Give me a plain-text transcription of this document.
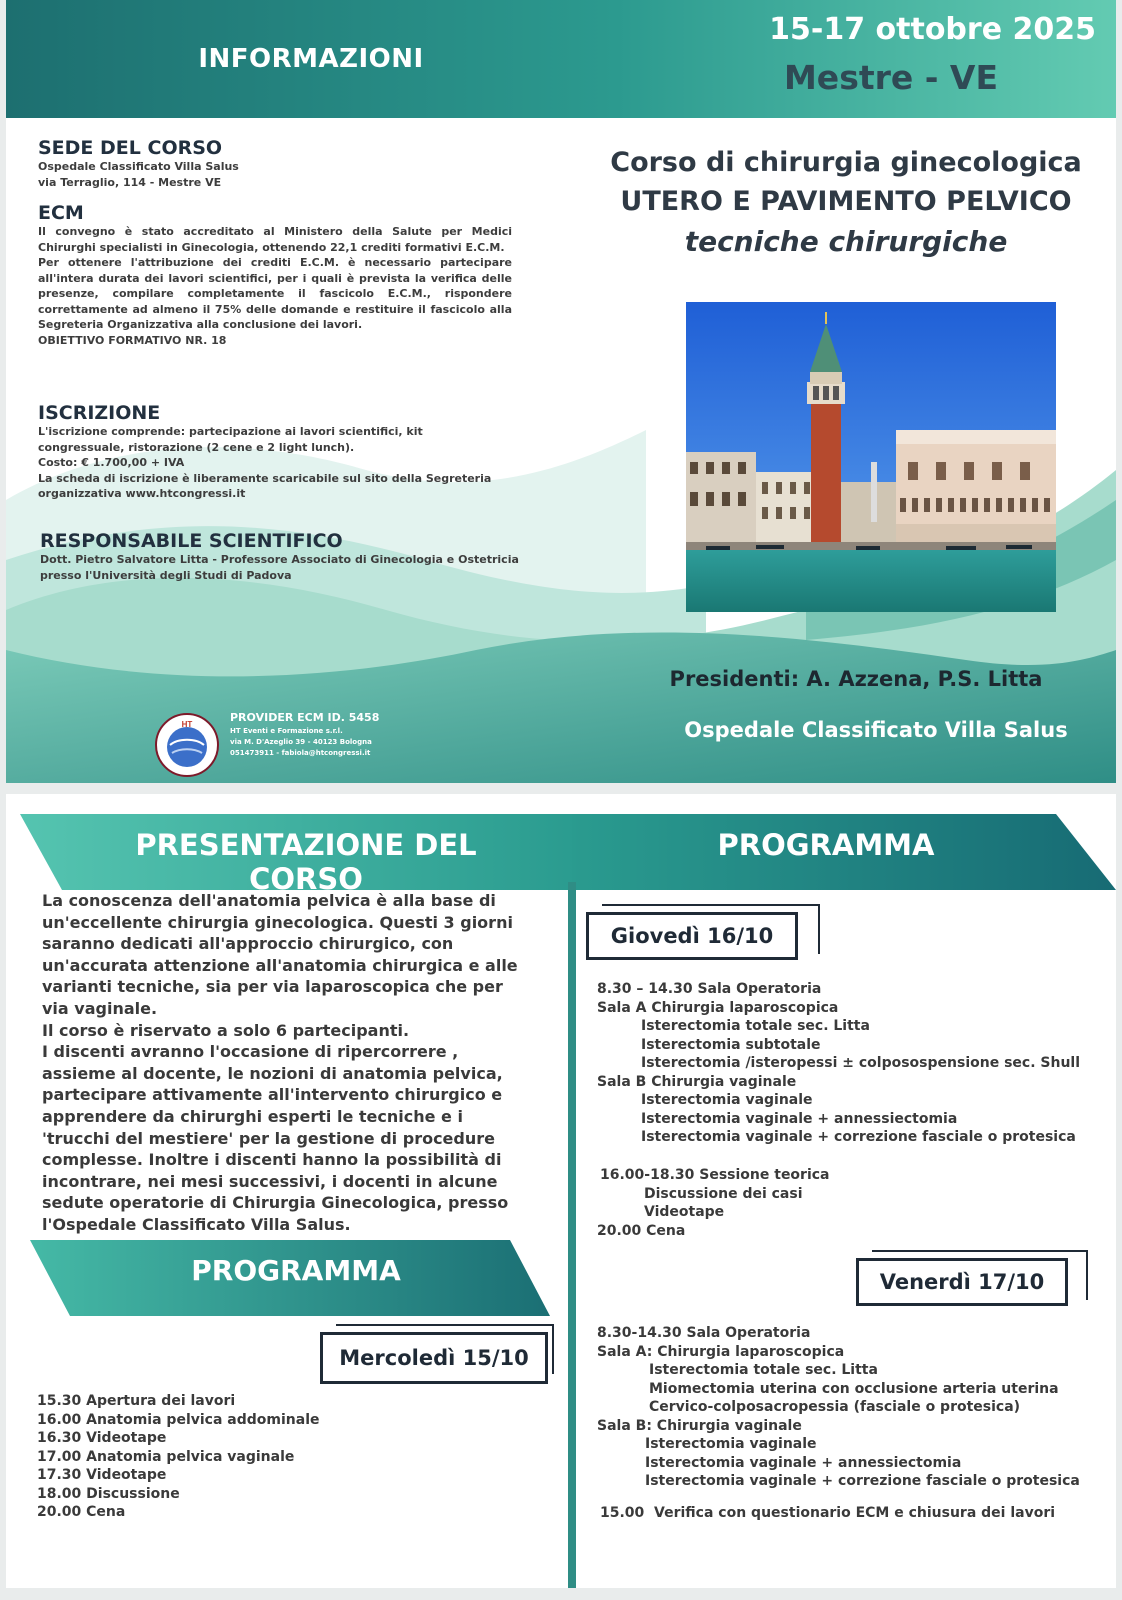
INFORMAZIONI
15-17 ottobre 2025
Mestre - VE
SEDE DEL CORSO
Ospedale Classificato Villa Salus
via Terraglio, 114 - Mestre VE
ECM
Il convegno è stato accreditato al Ministero della Salute per Medici Chirurghi specialisti in Ginecologia, ottenendo 22,1 crediti formativi E.C.M.
Per ottenere l'attribuzione dei crediti E.C.M. è necessario partecipare all'intera durata dei lavori scientifici, per i quali è prevista la verifica delle presenze, compilare completamente il fascicolo E.C.M., rispondere correttamente ad almeno il 75% delle domande e restituire il fascicolo alla Segreteria Organizzativa alla conclusione dei lavori.
OBIETTIVO FORMATIVO NR. 18
ISCRIZIONE
L'iscrizione comprende: partecipazione ai lavori scientifici, kit congressuale, ristorazione (2 cene e 2 light lunch).
Costo: € 1.700,00 + IVA
La scheda di iscrizione è liberamente scaricabile sul sito della Segreteria organizzativa www.htcongressi.it
RESPONSABILE SCIENTIFICO
Dott. Pietro Salvatore Litta - Professore Associato di Ginecologia e Ostetricia presso l'Università degli Studi di Padova
Corso di chirurgia ginecologica
UTERO E PAVIMENTO PELVICO
tecniche chirurgiche
Presidenti: A. Azzena, P.S. Litta
Ospedale Classificato Villa Salus
HT
PROVIDER ECM ID. 5458
HT Eventi e Formazione s.r.l.
via M. D'Azeglio 39 - 40123 Bologna
051473911 - fabiola@htcongressi.it
PRESENTAZIONE DEL CORSO
PROGRAMMA

La conoscenza dell'anatomia pelvica è alla base di un'eccellente chirurgia ginecologica. Questi 3 giorni saranno dedicati all'approccio chirurgico, con un'accurata attenzione all'anatomia chirurgica e alle varianti tecniche, sia per via laparoscopica che per via vaginale.

Il corso è riservato a solo 6 partecipanti.

I discenti avranno l'occasione di ripercorrere , assieme al docente, le nozioni di anatomia pelvica, partecipare attivamente all'intervento chirurgico e apprendere da chirurghi esperti le tecniche e i 'trucchi del mestiere' per la gestione di procedure complesse. Inoltre i discenti hanno la possibilità di incontrare, nei mesi successivi, i docenti in alcune sedute operatorie di Chirurgia Ginecologica, presso l'Ospedale Classificato Villa Salus.

PROGRAMMA
Mercoledì 15/10
15.30 Apertura dei lavori
16.00 Anatomia pelvica addominale
16.30 Videotape
17.00 Anatomia pelvica vaginale
17.30 Videotape
18.00 Discussione
20.00 Cena
Giovedì 16/10
8.30 – 14.30 Sala Operatoria
Sala A Chirurgia laparoscopica
Isterectomia totale sec. Litta
Isterectomia subtotale
Isterectomia /isteropessi ± colposospensione sec. Shull
Sala B Chirurgia vaginale
Isterectomia vaginale
Isterectomia vaginale + annessiectomia
Isterectomia vaginale + correzione fasciale o protesica
16.00-18.30 Sessione teorica
Discussione dei casi
Videotape
20.00 Cena
Venerdì 17/10
8.30-14.30 Sala Operatoria
Sala A: Chirurgia laparoscopica
Isterectomia totale sec. Litta
Miomectomia uterina con occlusione arteria uterina
Cervico-colposacropessia (fasciale o protesica)
Sala B: Chirurgia vaginale
Isterectomia vaginale
Isterectomia vaginale + annessiectomia
Isterectomia vaginale + correzione fasciale o protesica
15.00  Verifica con questionario ECM e chiusura dei lavori
